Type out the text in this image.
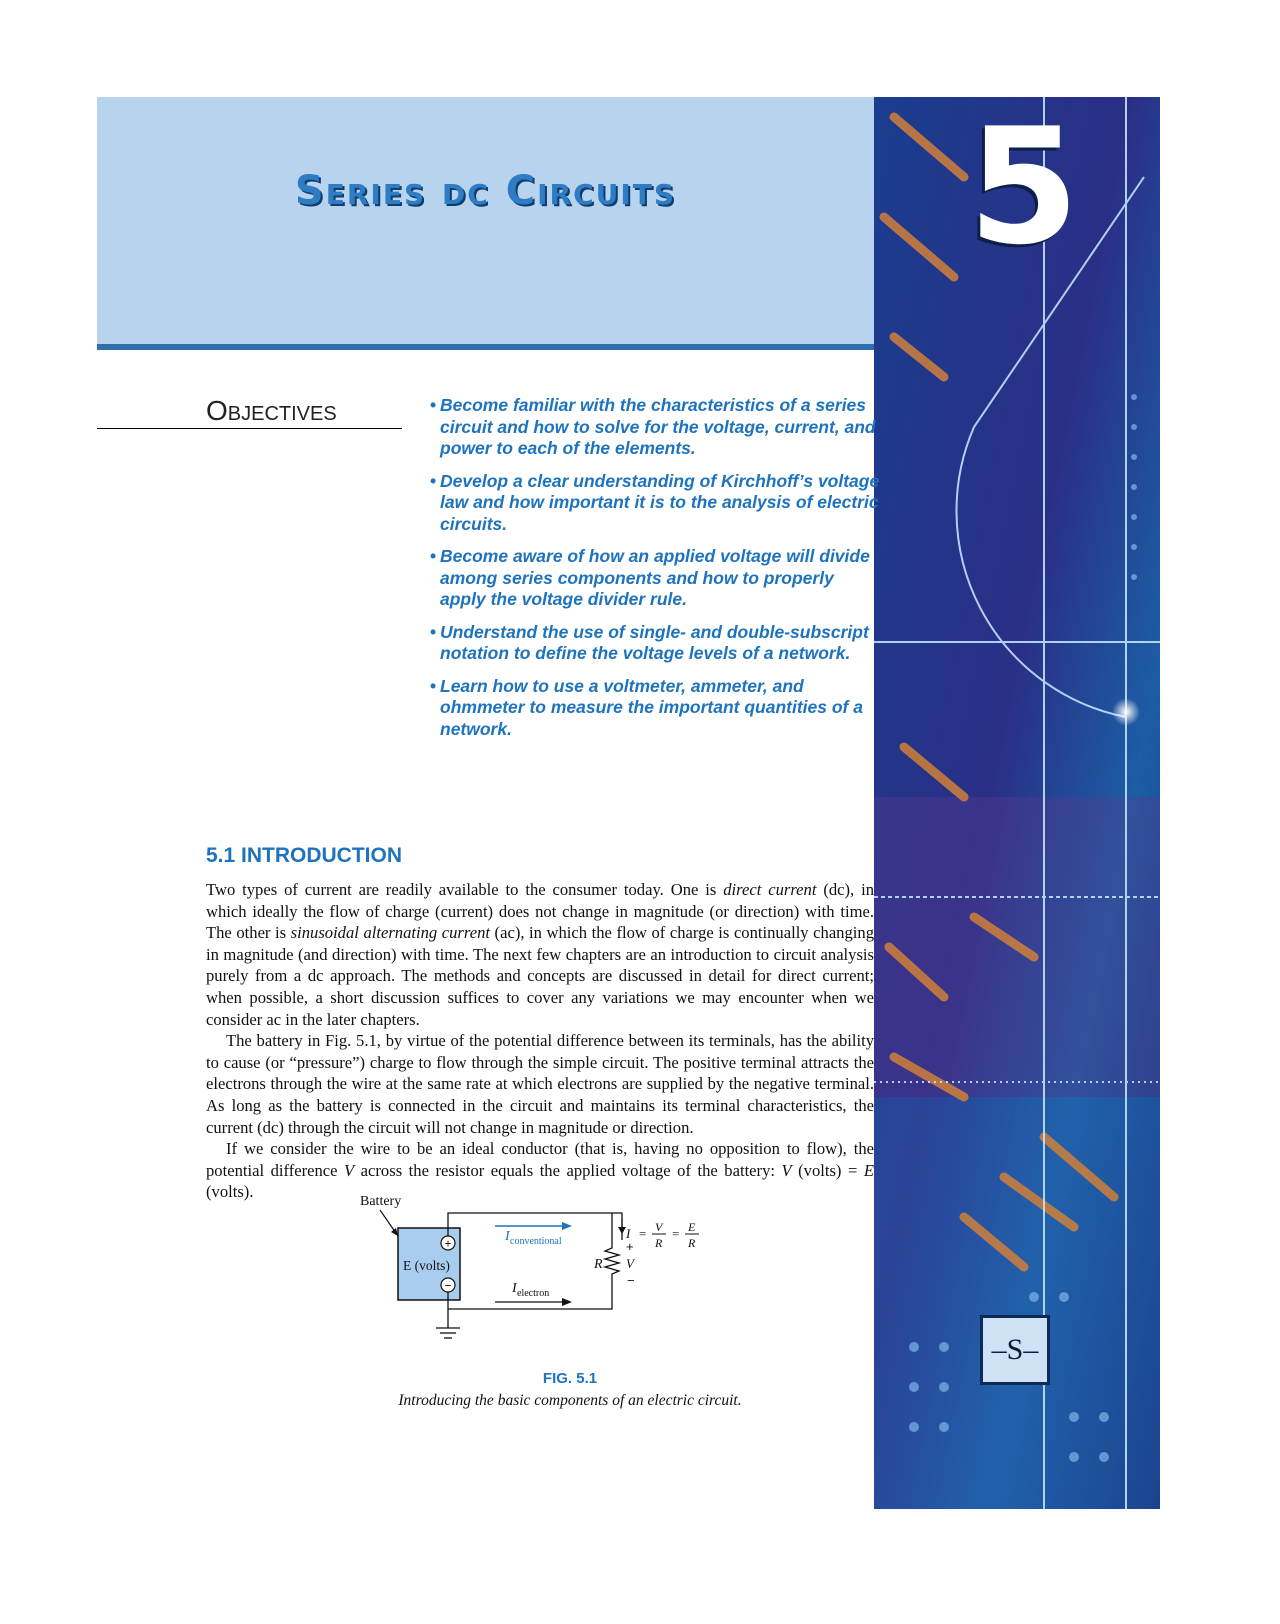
Series dc Circuits	5
–S–
Objectives
•	Become familiar with the characteristics of a series circuit and how to solve for the voltage, current, and power to each of the elements.
• Develop a clear understanding of Kirchhoff’s voltage law and how important it is to the analysis of electric circuits.
• Become aware of how an applied voltage will divide among series components and how to properly apply the voltage divider rule.
• Understand the use of single- and double-subscript notation to define the voltage levels of a network.
• Learn how to use a voltmeter, ammeter, and ohmmeter to measure the important quantities of a network.
5.1 INTRODUCTION

Two types of current are readily available to the consumer today. One is direct current (dc), in which ideally the flow of charge (current) does not change in magnitude (or direction) with time. The other is sinusoidal alternating current (ac), in which the flow of charge is continually changing in magnitude (and direction) with time. The next few chapters are an introduction to circuit analysis purely from a dc approach. The methods and concepts are discussed in detail for direct current; when possible, a short discussion suffices to cover any variations we may encounter when we consider ac in the later chapters.

The battery in Fig. 5.1, by virtue of the potential difference between its terminals, has the ability to cause (or “pressure”) charge to flow through the simple circuit. The positive terminal attracts the electrons through the wire at the same rate at which electrons are supplied by the negative terminal. As long as the battery is connected in the circuit and maintains its terminal characteristics, the current (dc) through the circuit will not change in magnitude or direction.

If we consider the wire to be an ideal conductor (that is, having no opposition to flow), the potential difference V across the resistor equals the applied voltage of the battery: V (volts) = E (volts).

Battery
E (volts)
+
−
I conventional
I electron
R
+
V
−
I = V
R
= E
R
FIG. 5.1
Introducing the basic components of an electric circuit.
